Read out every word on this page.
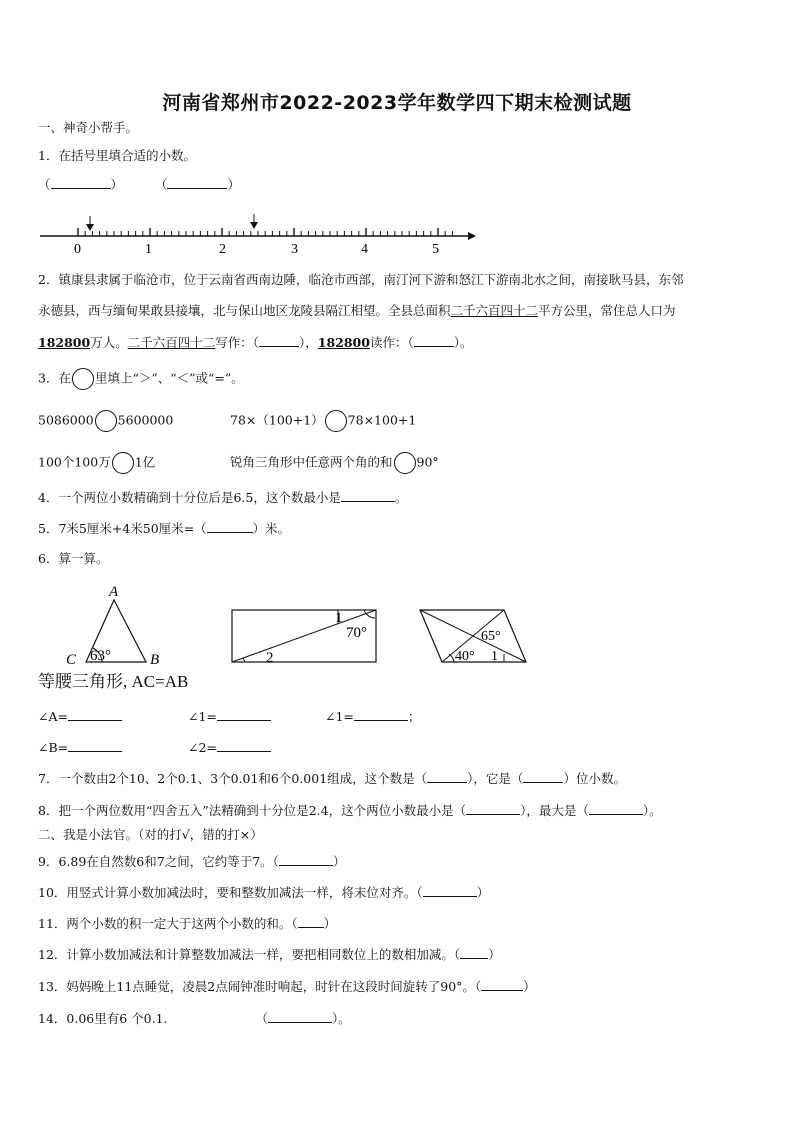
河南省郑州市2022-2023学年数学四下期末检测试题
一、神奇小帮手。
1．在括号里填合适的小数。
（	）  （	）
0	1	2	3	4	5
2．镇康县隶属于临沧市，位于云南省西南边陲，临沧市西部，南汀河下游和怒江下游南北水之间，南接耿马县，东邻
永德县，西与缅甸果敢县接壤，北与保山地区龙陵县隔江相望。全县总面积二千六百四十二平方公里，常住总人口为
182800万人。二千六百四十二写作：（	），182800读作：（	）。
3．在 里填上“＞”、“＜”或“=”。
5086000 5600000	78×（100+1） 78×100+1
100个100万 1亿	锐角三角形中任意两个角的和 90°
4．一个两位小数精确到十分位后是6.5，这个数最小是	。
5．7米5厘米+4米50厘米=（	）米。
6．算一算。
A
C	B
63°
1
70°
2
65°
40° 1
等腰三角形, AC=AB
∠A=	∠1=	∠1=	；
∠B=	∠2=
7．一个数由2个10、2个0.1、3个0.01和6个0.001组成，这个数是（	），它是（	）位小数。
8．把一个两位数用“四舍五入”法精确到十分位是2.4，这个两位小数最小是（	），最大是（	）。
二、我是小法官。（对的打√，错的打×）
9．6.89在自然数6和7之间，它约等于7。（	）
10．用竖式计算小数加减法时，要和整数加减法一样，将末位对齐。（	）
11．两个小数的积一定大于这两个小数的和。（ ）
12．计算小数加减法和计算整数加减法一样，要把相同数位上的数相加减。（ ）
13．妈妈晚上11点睡觉，凌晨2点闹钟准时响起，时针在这段时间旋转了90°。（	）
14．0.06里有6 个0.1.	（	）。
